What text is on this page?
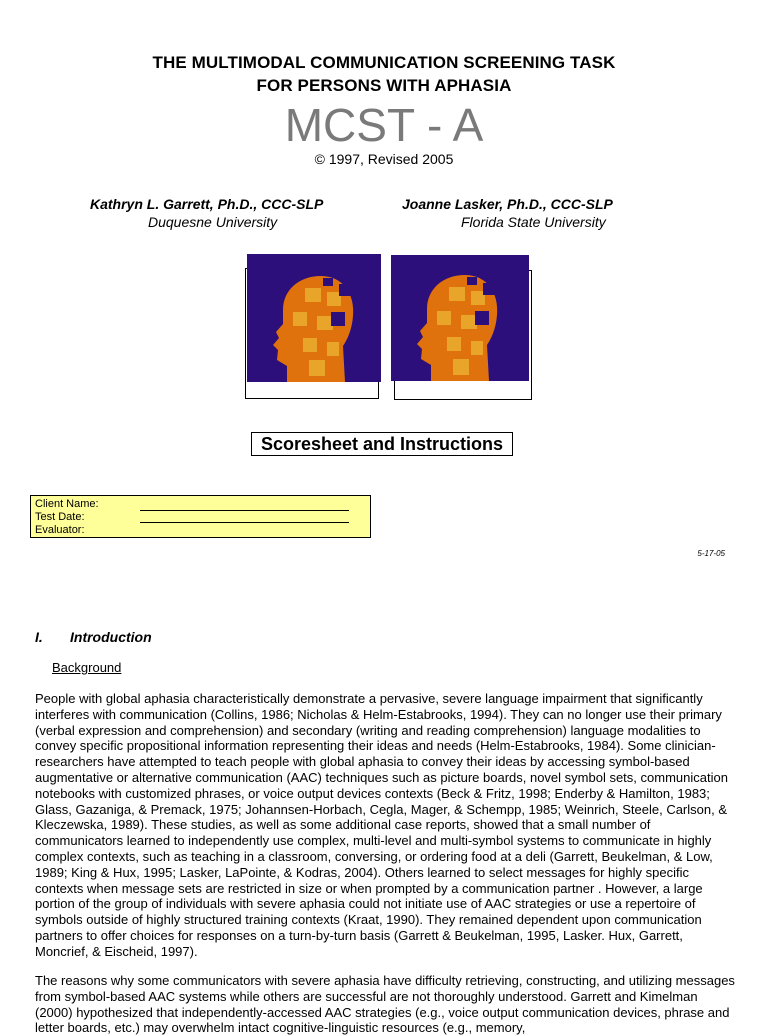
THE MULTIMODAL COMMUNICATION SCREENING TASK
FOR PERSONS WITH APHASIA
MCST - A
© 1997, Revised 2005
Kathryn L. Garrett, Ph.D., CCC-SLP
Duquesne University
Joanne Lasker, Ph.D., CCC-SLP
Florida State University
Scoresheet and Instructions
Client Name:
Test Date:
Evaluator:
5-17-05
I. Introduction
Background

People with global aphasia characteristically demonstrate a pervasive, severe language impairment that significantly interferes with communication (Collins, 1986; Nicholas & Helm-Estabrooks, 1994). They can no longer use their primary (verbal expression and comprehension) and secondary (writing and reading comprehension) language modalities to convey specific propositional information representing their ideas and needs (Helm-Estabrooks, 1984). Some clinician-researchers have attempted to teach people with global aphasia to convey their ideas by accessing symbol-based augmentative or alternative communication (AAC) techniques such as picture boards, novel symbol sets, communication notebooks with customized phrases, or voice output devices contexts (Beck & Fritz, 1998; Enderby & Hamilton, 1983; Glass, Gazaniga, & Premack, 1975; Johannsen-Horbach, Cegla, Mager, & Schempp, 1985; Weinrich, Steele, Carlson, & Kleczewska, 1989). These studies, as well as some additional case reports, showed that a small number of communicators learned to independently use complex, multi-level and multi-symbol systems to communicate in highly complex contexts, such as teaching in a classroom, conversing, or ordering food at a deli (Garrett, Beukelman, & Low, 1989; King & Hux, 1995; Lasker, LaPointe, & Kodras, 2004). Others learned to select messages for highly specific contexts when message sets are restricted in size or when prompted by a communication partner . However, a large portion of the group of individuals with severe aphasia could not initiate use of AAC strategies or use a repertoire of symbols outside of highly structured training contexts (Kraat, 1990). They remained dependent upon communication partners to offer choices for responses on a turn-by-turn basis (Garrett & Beukelman, 1995, Lasker. Hux, Garrett, Moncrief, & Eischeid, 1997).

The reasons why some communicators with severe aphasia have difficulty retrieving, constructing, and utilizing messages from symbol-based AAC systems while others are successful are not thoroughly understood. Garrett and Kimelman (2000) hypothesized that independently-accessed AAC strategies (e.g., voice output communication devices, phrase and letter boards, etc.) may overwhelm intact cognitive-linguistic resources (e.g., memory,
